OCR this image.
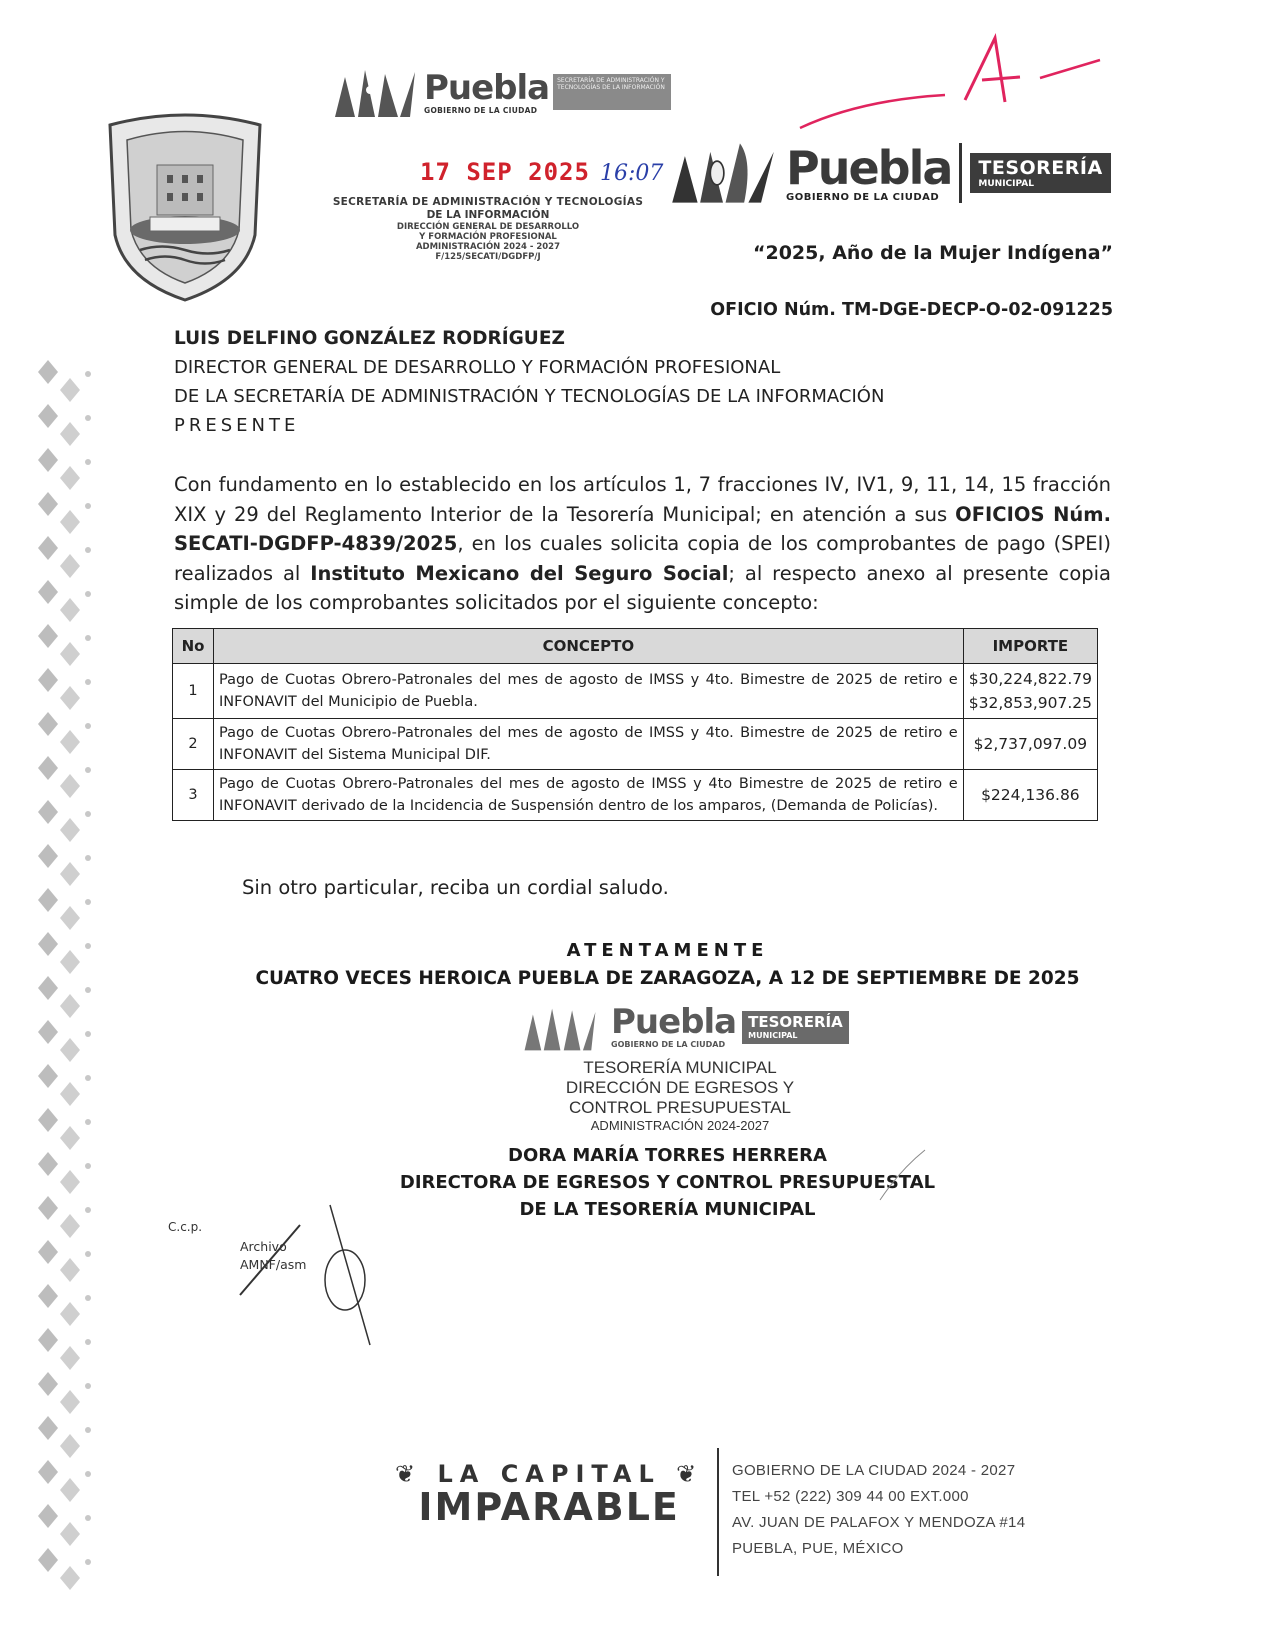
Puebla
GOBIERNO DE LA CIUDAD
SECRETARÍA DE ADMINISTRACIÓN Y TECNOLOGÍAS DE LA INFORMACIÓN
17 SEP 2025 16:07
SECRETARÍA DE ADMINISTRACIÓN Y TECNOLOGÍAS
DE LA INFORMACIÓN
DIRECCIÓN GENERAL DE DESARROLLO
Y FORMACIÓN PROFESIONAL
ADMINISTRACIÓN 2024 - 2027
F/125/SECATI/DGDFP/J
Puebla
GOBIERNO DE LA CIUDAD
TESORERÍA
MUNICIPAL
“2025, Año de la Mujer Indígena”
OFICIO Núm. TM-DGE-DECP-O-02-091225
LUIS DELFINO GONZÁLEZ RODRÍGUEZ
DIRECTOR GENERAL DE DESARROLLO Y FORMACIÓN PROFESIONAL
DE LA SECRETARÍA DE ADMINISTRACIÓN Y TECNOLOGÍAS DE LA INFORMACIÓN
PRESENTE
Con fundamento en lo establecido en los artículos 1, 7 fracciones IV, IV1, 9, 11, 14, 15 fracción XIX y 29 del Reglamento Interior de la Tesorería Municipal; en atención a sus OFICIOS Núm. SECATI-DGDFP-4839/2025, en los cuales solicita copia de los comprobantes de pago (SPEI) realizados al Instituto Mexicano del Seguro Social; al respecto anexo al presente copia simple de los comprobantes solicitados por el siguiente concepto:
No	CONCEPTO	IMPORTE
1	Pago de Cuotas Obrero-Patronales del mes de agosto de IMSS y 4to. Bimestre de 2025 de retiro e INFONAVIT del Municipio de Puebla.	$30,224,822.79
$32,853,907.25

2	Pago de Cuotas Obrero-Patronales del mes de agosto de IMSS y 4to. Bimestre de 2025 de retiro e INFONAVIT del Sistema Municipal DIF.	$2,737,097.09

3	Pago de Cuotas Obrero-Patronales del mes de agosto de IMSS y 4to Bimestre de 2025 de retiro e INFONAVIT derivado de la Incidencia de Suspensión dentro de los amparos, (Demanda de Policías).	$224,136.86
Sin otro particular, reciba un cordial saludo.
ATENTAMENTE
CUATRO VECES HEROICA PUEBLA DE ZARAGOZA, A 12 DE SEPTIEMBRE DE 2025
Puebla
GOBIERNO DE LA CIUDAD
TESORERÍA
MUNICIPAL
TESORERÍA MUNICIPAL
DIRECCIÓN DE EGRESOS Y
CONTROL PRESUPUESTAL
ADMINISTRACIÓN 2024-2027
DORA MARÍA TORRES HERRERA
DIRECTORA DE EGRESOS Y CONTROL PRESUPUESTAL
DE LA TESORERÍA MUNICIPAL
C.c.p.
Archivo
AMNF/asm
❦ LA CAPITAL ❦
IMPARABLE
GOBIERNO DE LA CIUDAD 2024 - 2027
TEL +52 (222) 309 44 00 EXT.000
AV. JUAN DE PALAFOX Y MENDOZA #14
PUEBLA, PUE, MÉXICO
